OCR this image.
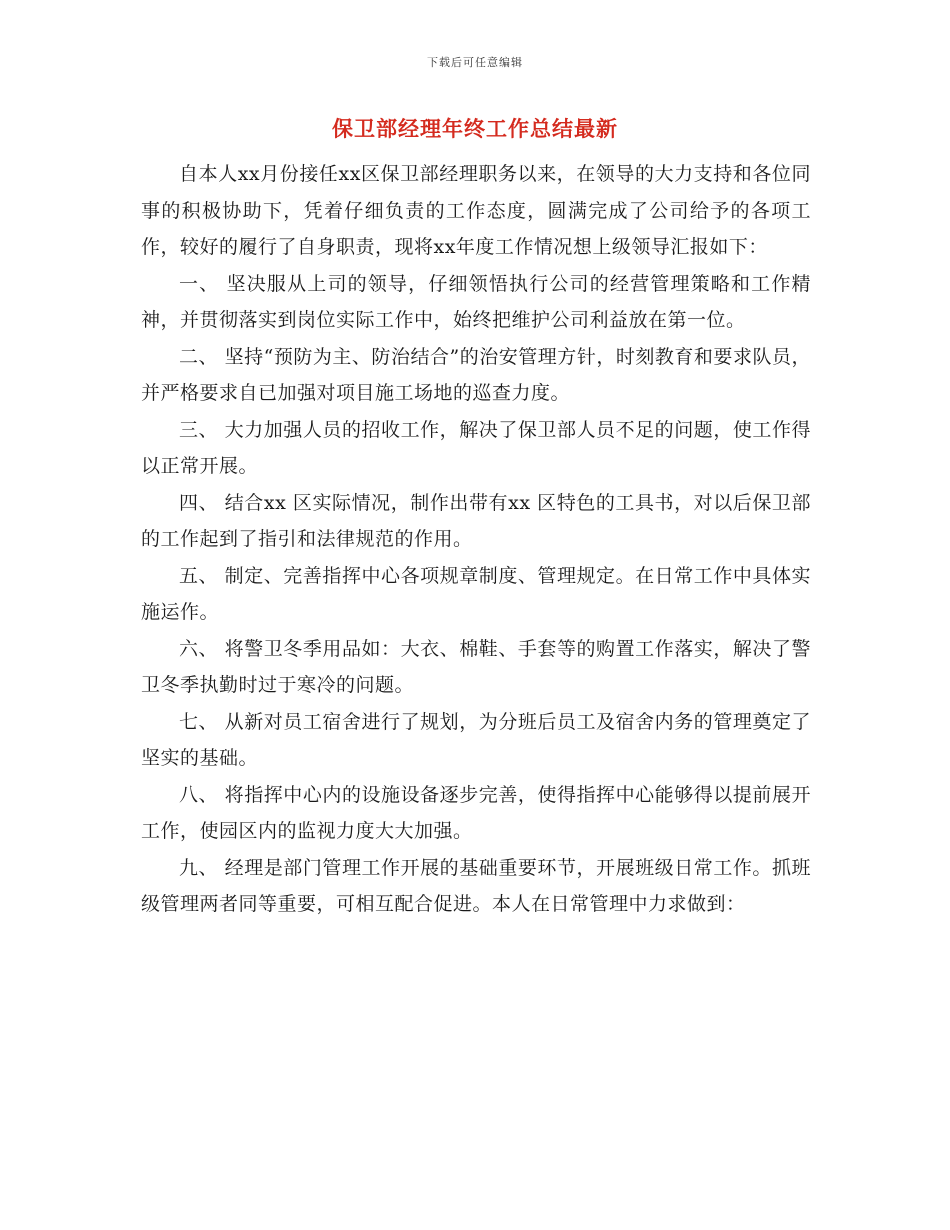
下载后可任意编辑
保卫部经理年终工作总结最新

自本人xx月份接任xx区保卫部经理职务以来，在领导的大力支持和各位同事的积极协助下，凭着仔细负责的工作态度，圆满完成了公司给予的各项工作，较好的履行了自身职责，现将xx年度工作情况想上级领导汇报如下：

一、 坚决服从上司的领导，仔细领悟执行公司的经营管理策略和工作精神，并贯彻落实到岗位实际工作中，始终把维护公司利益放在第一位。

二、 坚持“预防为主、防治结合”的治安管理方针，时刻教育和要求队员，并严格要求自已加强对项目施工场地的巡查力度。

三、 大力加强人员的招收工作，解决了保卫部人员不足的问题，使工作得以正常开展。

四、 结合xx 区实际情况，制作出带有xx 区特色的工具书，对以后保卫部的工作起到了指引和法律规范的作用。

五、 制定、完善指挥中心各项规章制度、管理规定。在日常工作中具体实施运作。

六、 将警卫冬季用品如：大衣、棉鞋、手套等的购置工作落实，解决了警卫冬季执勤时过于寒冷的问题。

七、 从新对员工宿舍进行了规划，为分班后员工及宿舍内务的管理奠定了坚实的基础。

八、 将指挥中心内的设施设备逐步完善，使得指挥中心能够得以提前展开工作，使园区内的监视力度大大加强。

九、 经理是部门管理工作开展的基础重要环节，开展班级日常工作。抓班级管理两者同等重要，可相互配合促进。本人在日常管理中力求做到：
